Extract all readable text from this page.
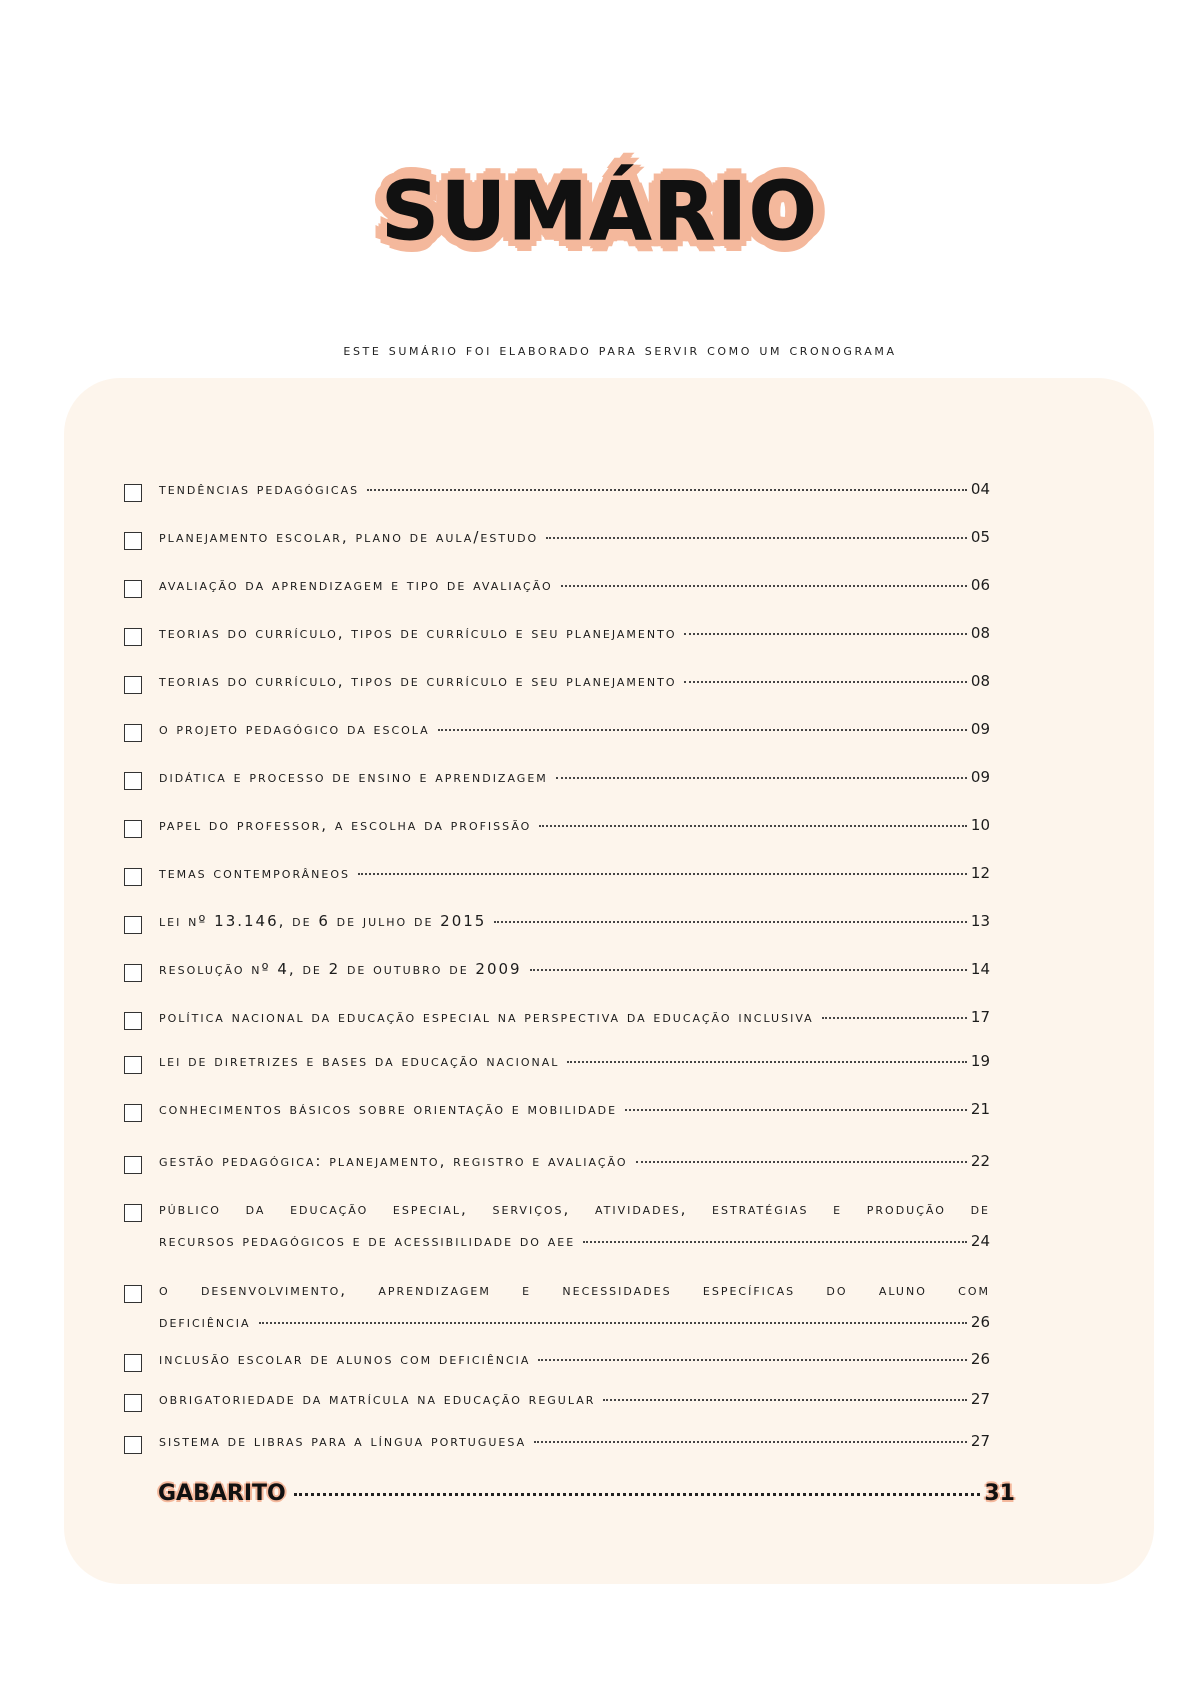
SUMÁRIO
este sumário foi elaborado para servir como um cronograma
tendências pedagógicas	04
planejamento escolar, plano de aula/estudo	05
avaliação da aprendizagem e tipo de avaliação	06
teorias do currículo, tipos de currículo e seu planejamento	08
teorias do currículo, tipos de currículo e seu planejamento	08
o projeto pedagógico da escola	09
didática e processo de ensino e aprendizagem	09
papel do professor, a escolha da profissão	10
temas contemporâneos	12
lei nº 13.146, de 6 de julho de 2015	13
resolução nº 4, de 2 de outubro de 2009	14
política nacional da educação especial na perspectiva da educação inclusiva	17
lei de diretrizes e bases da educação nacional	19
conhecimentos básicos sobre orientação e mobilidade	21
gestão pedagógica: planejamento, registro e avaliação	22
público da educação especial, serviços, atividades, estratégias e produção de
recursos pedagógicos e de acessibilidade do aee	24
o desenvolvimento, aprendizagem e necessidades específicas do aluno com
deficiência	26
inclusão escolar de alunos com deficiência	26
obrigatoriedade da matrícula na educação regular	27
sistema de libras para a língua portuguesa	27
GABARITO	31
